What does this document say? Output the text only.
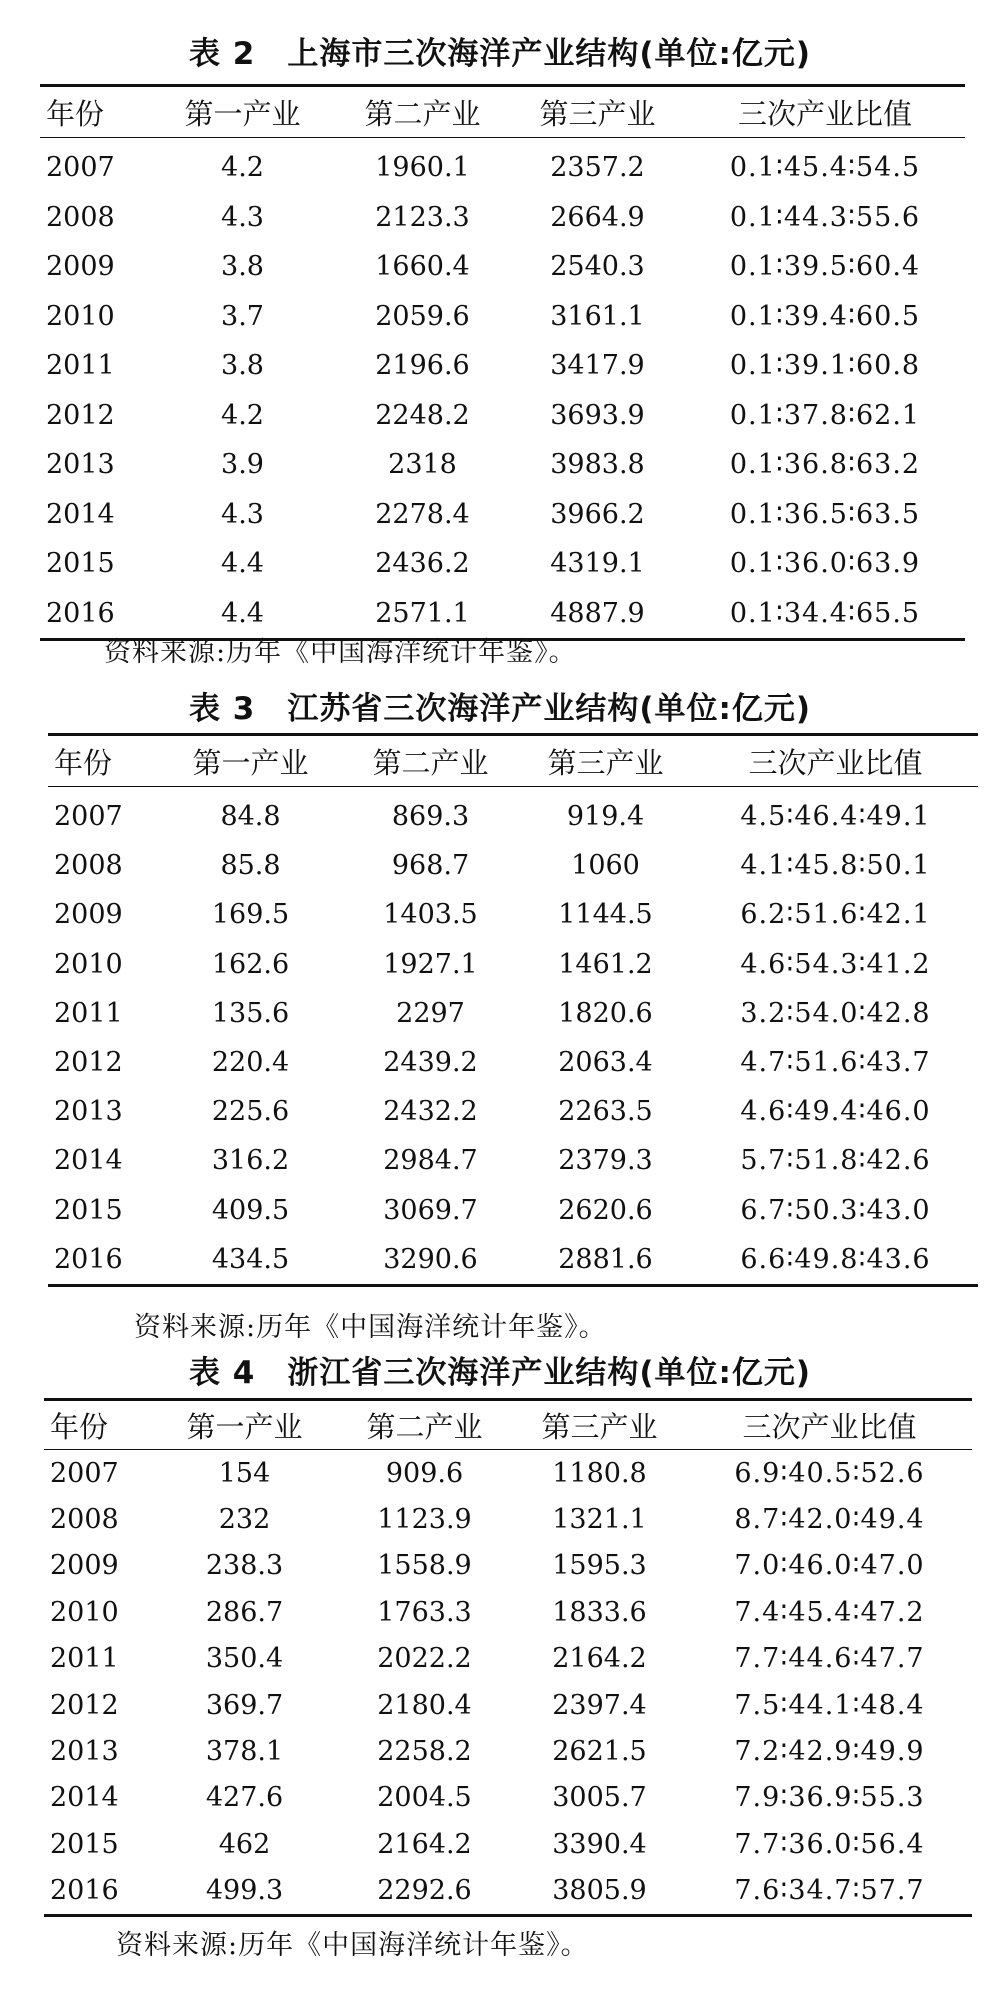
表 2　上海市三次海洋产业结构(单位:亿元)
年份	第一产业	第二产业	第三产业	三次产业比值
2007	4.2	1960.1	2357.2	0.1∶45.4∶54.5
2008	4.3	2123.3	2664.9	0.1∶44.3∶55.6
2009	3.8	1660.4	2540.3	0.1∶39.5∶60.4
2010	3.7	2059.6	3161.1	0.1∶39.4∶60.5
2011	3.8	2196.6	3417.9	0.1∶39.1∶60.8
2012	4.2	2248.2	3693.9	0.1∶37.8∶62.1
2013	3.9	2318	3983.8	0.1∶36.8∶63.2
2014	4.3	2278.4	3966.2	0.1∶36.5∶63.5
2015	4.4	2436.2	4319.1	0.1∶36.0∶63.9
2016	4.4	2571.1	4887.9	0.1∶34.4∶65.5
资料来源:历年《中国海洋统计年鉴》。
表 3　江苏省三次海洋产业结构(单位:亿元)
年份	第一产业	第二产业	第三产业	三次产业比值
2007	84.8	869.3	919.4	4.5∶46.4∶49.1
2008	85.8	968.7	1060	4.1∶45.8∶50.1
2009	169.5	1403.5	1144.5	6.2∶51.6∶42.1
2010	162.6	1927.1	1461.2	4.6∶54.3∶41.2
2011	135.6	2297	1820.6	3.2∶54.0∶42.8
2012	220.4	2439.2	2063.4	4.7∶51.6∶43.7
2013	225.6	2432.2	2263.5	4.6∶49.4∶46.0
2014	316.2	2984.7	2379.3	5.7∶51.8∶42.6
2015	409.5	3069.7	2620.6	6.7∶50.3∶43.0
2016	434.5	3290.6	2881.6	6.6∶49.8∶43.6
资料来源:历年《中国海洋统计年鉴》。
表 4　浙江省三次海洋产业结构(单位:亿元)
年份	第一产业	第二产业	第三产业	三次产业比值
2007	154	909.6	1180.8	6.9∶40.5∶52.6
2008	232	1123.9	1321.1	8.7∶42.0∶49.4
2009	238.3	1558.9	1595.3	7.0∶46.0∶47.0
2010	286.7	1763.3	1833.6	7.4∶45.4∶47.2
2011	350.4	2022.2	2164.2	7.7∶44.6∶47.7
2012	369.7	2180.4	2397.4	7.5∶44.1∶48.4
2013	378.1	2258.2	2621.5	7.2∶42.9∶49.9
2014	427.6	2004.5	3005.7	7.9∶36.9∶55.3
2015	462	2164.2	3390.4	7.7∶36.0∶56.4
2016	499.3	2292.6	3805.9	7.6∶34.7∶57.7
资料来源:历年《中国海洋统计年鉴》。
